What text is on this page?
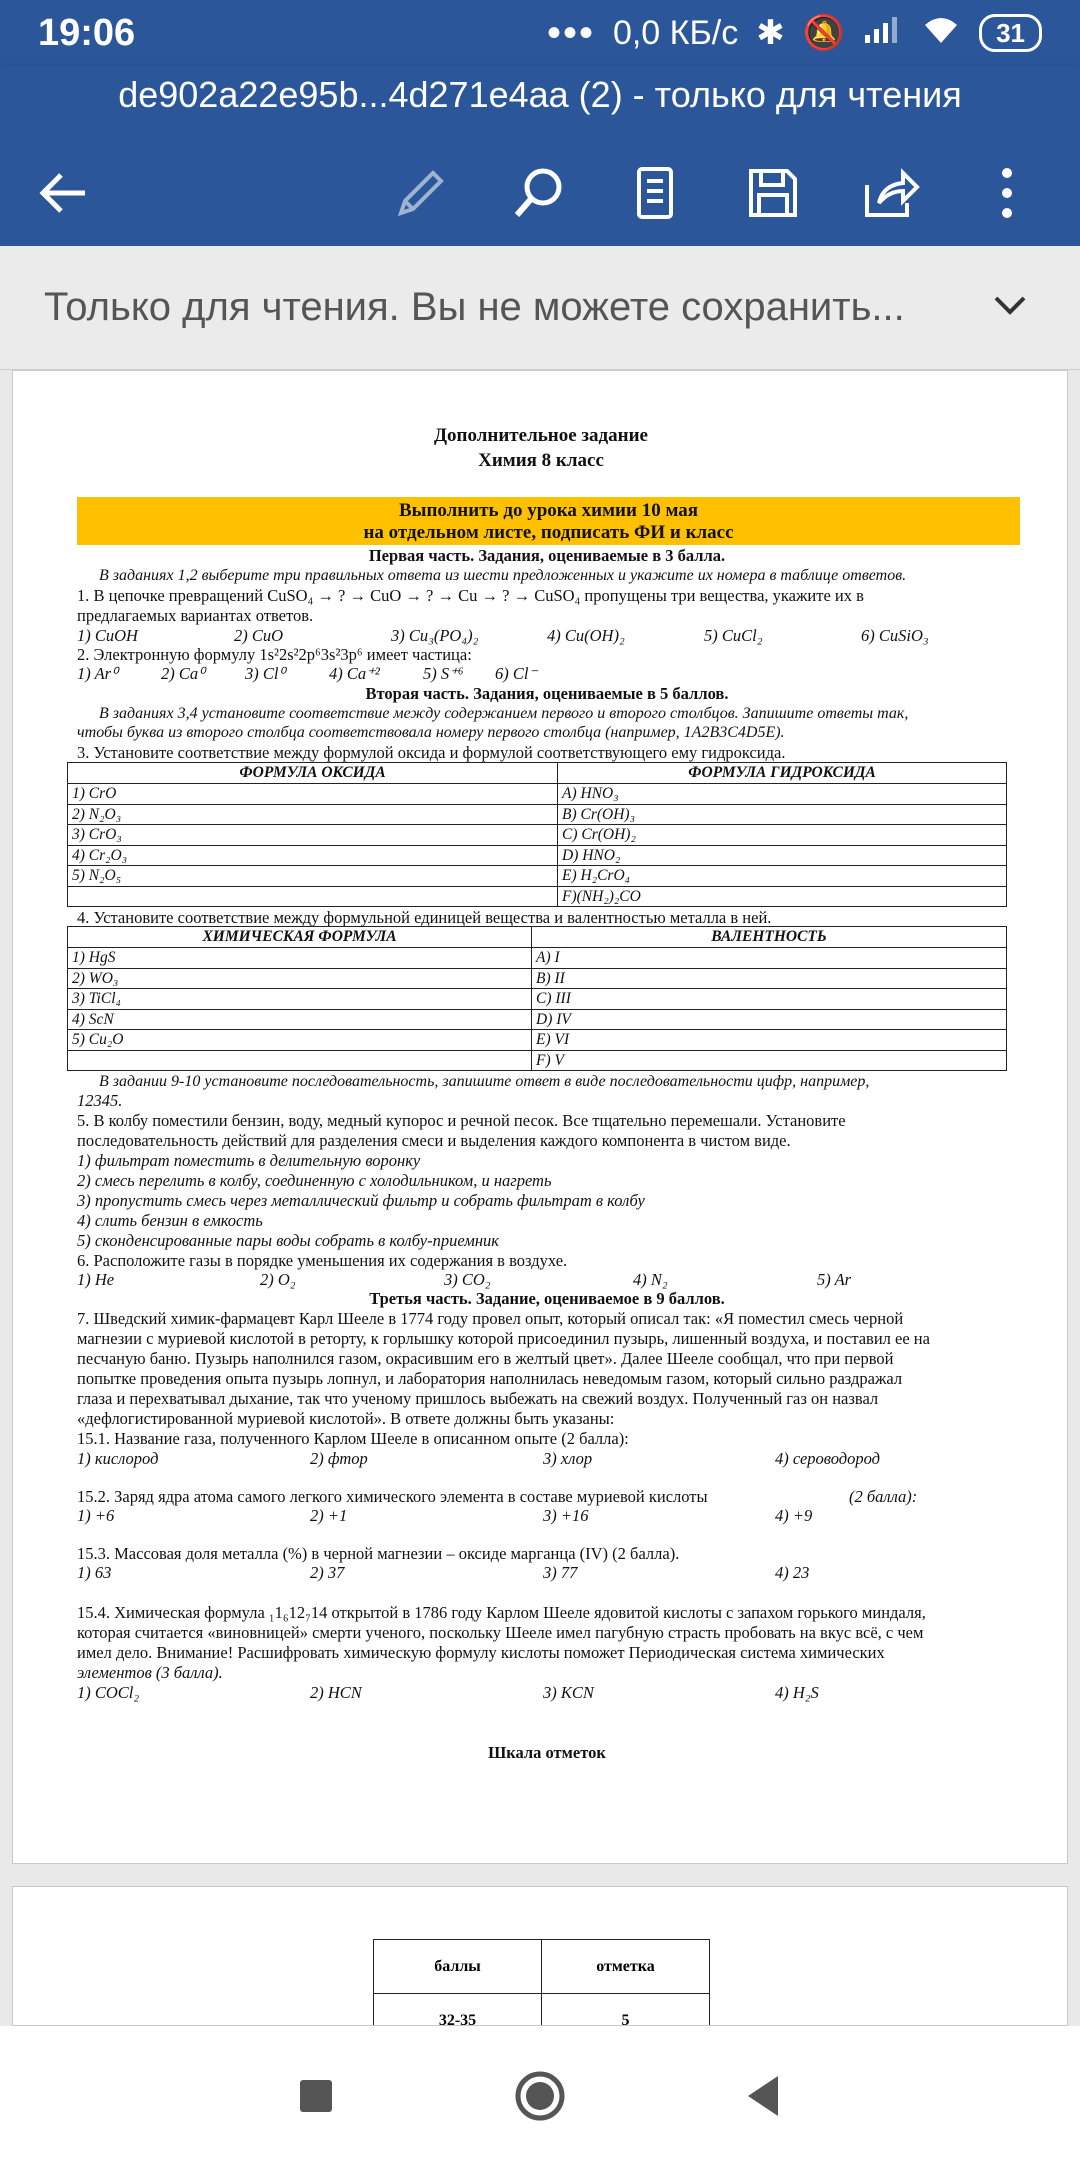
19:06	••• 0,0 КБ/с ✱ 🔕	31
de902a22e95b...4d271e4aa (2) - только для чтения
Только для чтения. Вы не можете сохранить...
Дополнительное задание
Химия 8 класс
Выполнить до урока химии 10 мая
на отдельном листе, подписать ФИ и класс
Первая часть. Задания, оцениваемые в 3 балла.
В заданиях 1,2 выберите три правильных ответа из шести предложенных и укажите их номера в таблице ответов.
1. В цепочке превращений CuSO₄ → ? → CuO → ? → Cu → ? → CuSO₄ пропущены три вещества, укажите их в
предлагаемых вариантах ответов.
1) CuOH	2) CuO	3) Cu₃(PO₄)₂	4) Cu(OH)₂	5) CuCl₂	6) CuSiO₃
2. Электронную формулу 1s²2s²2p⁶3s²3p⁶ имеет частица:
1) Ar⁰	2) Ca⁰ 3) Cl⁰	4) Ca⁺²	5) S⁺⁶ 6) Cl⁻
Вторая часть. Задания, оцениваемые в 5 баллов.
В заданиях 3,4 установите соответствие между содержанием первого и второго столбцов. Запишите ответы так,
чтобы буква из второго столбца соответствовала номеру первого столбца (например, 1A2B3C4D5E).
3. Установите соответствие между формулой оксида и формулой соответствующего ему гидроксида.
ФОРМУЛА ОКСИДА	ФОРМУЛА ГИДРОКСИДА
1) CrO	A) HNO₃
2) N₂O₃	B) Cr(OH)₃
3) CrO₃	C) Cr(OH)₂
4) Cr₂O₃	D) HNO₂
5) N₂O₅	E) H₂CrO₄
	F)(NH₂)₂CO
4. Установите соответствие между формульной единицей вещества и валентностью металла в ней.
ХИМИЧЕСКАЯ ФОРМУЛА	ВАЛЕНТНОСТЬ
1) HgS	A) I
2) WO₃	B) II
3) TiCl₄	C) III
4) ScN	D) IV
5) Cu₂O	E) VI
	F) V
В задании 9-10 установите последовательность, запишите ответ в виде последовательности цифр, например,
12345.
5. В колбу поместили бензин, воду, медный купорос и речной песок. Все тщательно перемешали. Установите
последовательность действий для разделения смеси и выделения каждого компонента в чистом виде.
1) фильтрат поместить в делительную воронку
2) смесь перелить в колбу, соединенную с холодильником, и нагреть
3) пропустить смесь через металлический фильтр и собрать фильтрат в колбу
4) слить бензин в емкость
5) сконденсированные пары воды собрать в колбу-приемник
6. Расположите газы в порядке уменьшения их содержания в воздухе.
1) He	2) O₂	3) CO₂	4) N₂	5) Ar
Третья часть. Задание, оцениваемое в 9 баллов.
7. Шведский химик-фармацевт Карл Шееле в 1774 году провел опыт, который описал так: «Я поместил смесь черной
магнезии с муриевой кислотой в реторту, к горлышку которой присоединил пузырь, лишенный воздуха, и поставил ее на
песчаную баню. Пузырь наполнился газом, окрасившим его в желтый цвет». Далее Шееле сообщал, что при первой
попытке проведения опыта пузырь лопнул, и лаборатория наполнилась неведомым газом, который сильно раздражал
глаза и перехватывал дыхание, так что ученому пришлось выбежать на свежий воздух. Полученный газ он назвал
«дефлогистированной муриевой кислотой». В ответе должны быть указаны:
15.1. Название газа, полученного Карлом Шееле в описанном опыте (2 балла):
1) кислород	2) фтор	3) хлор	4) сероводород
15.2. Заряд ядра атома самого легкого химического элемента в составе муриевой кислоты	(2 балла):
1) +6	2) +1	3) +16	4) +9
15.3. Массовая доля металла (%) в черной магнезии – оксиде марганца (IV) (2 балла).
1) 63	2) 37	3) 77	4) 23
15.4. Химическая формула ₁1₆12₇14 открытой в 1786 году Карлом Шееле ядовитой кислоты с запахом горького миндаля,
которая считается «виновницей» смерти ученого, поскольку Шееле имел пагубную страсть пробовать на вкус всё, с чем
имел дело. Внимание! Расшифровать химическую формулу кислоты поможет Периодическая система химических
элементов (3 балла).
1) COCl₂	2) HCN	3) KCN	4) H₂S
Шкала отметок
баллы	отметка
32-35	5
